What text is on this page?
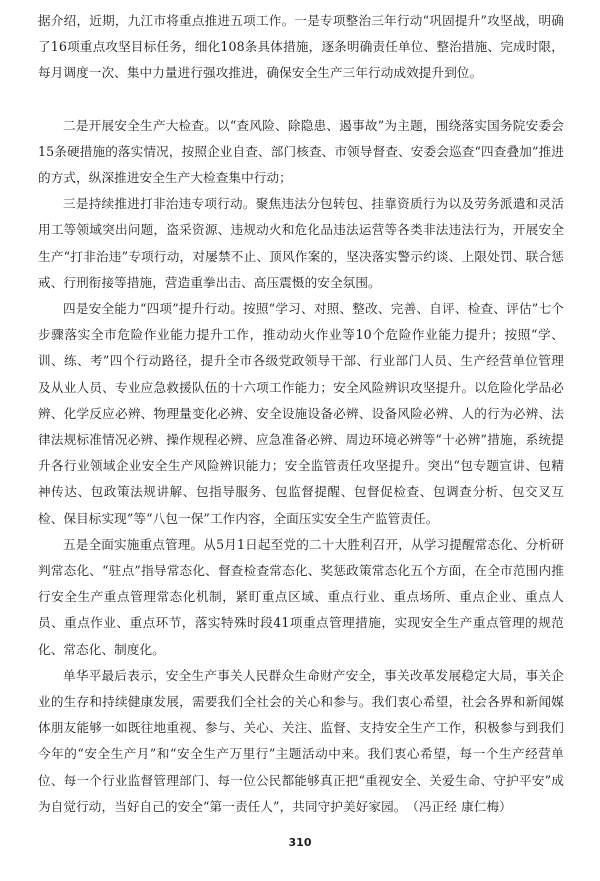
据介绍，近期，九江市将重点推进五项工作。一是专项整治三年行动“巩固提升”攻坚战，明确了16项重点攻坚目标任务，细化108条具体措施，逐条明确责任单位、整治措施、完成时限，每月调度一次、集中力量进行强攻推进，确保安全生产三年行动成效提升到位。

二是开展安全生产大检查。以“查风险、除隐患、遏事故”为主题，围绕落实国务院安委会15条硬措施的落实情况，按照企业自查、部门核查、市领导督查、安委会巡查“四查叠加”推进的方式，纵深推进安全生产大检查集中行动；

三是持续推进打非治违专项行动。聚焦违法分包转包、挂靠资质行为以及劳务派遣和灵活用工等领域突出问题，盗采资源、违规动火和危化品违法运营等各类非法违法行为，开展安全生产“打非治违”专项行动，对屡禁不止、顶风作案的，坚决落实警示约谈、上限处罚、联合惩戒、行刑衔接等措施，营造重拳出击、高压震慑的安全氛围。

四是安全能力“四项”提升行动。按照“学习、对照、整改、完善、自评、检查、评估”七个步骤落实全市危险作业能力提升工作，推动动火作业等10个危险作业能力提升；按照“学、训、练、考”四个行动路径，提升全市各级党政领导干部、行业部门人员、生产经营单位管理及从业人员、专业应急救援队伍的十六项工作能力；安全风险辨识攻坚提升。以危险化学品必辨、化学反应必辨、物理量变化必辨、安全设施设备必辨、设备风险必辨、人的行为必辨、法律法规标准情况必辨、操作规程必辨、应急准备必辨、周边环境必辨等“十必辨”措施，系统提升各行业领域企业安全生产风险辨识能力；安全监管责任攻坚提升。突出“包专题宣讲、包精神传达、包政策法规讲解、包指导服务、包监督提醒、包督促检查、包调查分析、包交叉互检、保目标实现”等“八包一保”工作内容，全面压实安全生产监管责任。

五是全面实施重点管理。从5月1日起至党的二十大胜利召开，从学习提醒常态化、分析研判常态化、“驻点”指导常态化、督查检查常态化、奖惩政策常态化五个方面，在全市范围内推行安全生产重点管理常态化机制，紧盯重点区域、重点行业、重点场所、重点企业、重点人员、重点作业、重点环节，落实特殊时段41项重点管理措施，实现安全生产重点管理的规范化、常态化、制度化。

单华平最后表示，安全生产事关人民群众生命财产安全，事关改革发展稳定大局，事关企业的生存和持续健康发展，需要我们全社会的关心和参与。我们衷心希望，社会各界和新闻媒体朋友能够一如既往地重视、参与、关心、关注、监督、支持安全生产工作，积极参与到我们今年的“安全生产月”和“安全生产万里行”主题活动中来。我们衷心希望，每一个生产经营单位、每一个行业监督管理部门、每一位公民都能够真正把“重视安全、关爱生命、守护平安”成为自觉行动，当好自己的安全“第一责任人”，共同守护美好家园。 （冯正经 康仁梅）

310
